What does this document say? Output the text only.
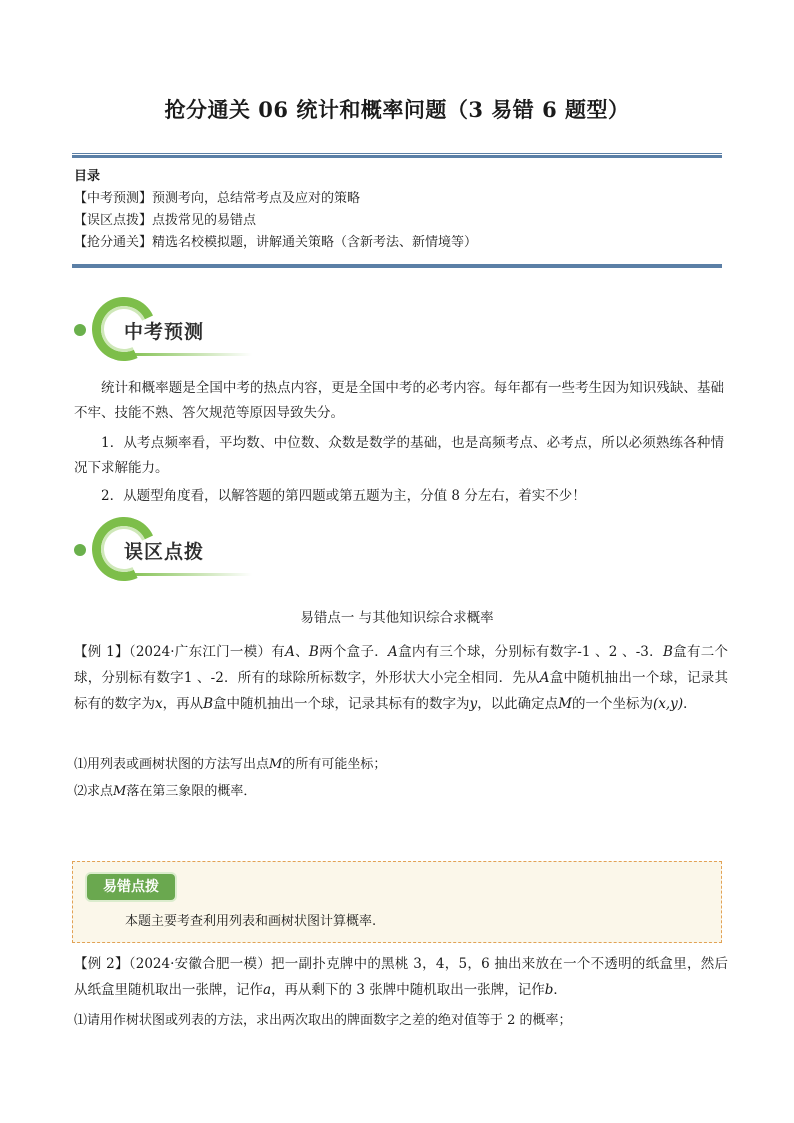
抢分通关 06 统计和概率问题（3 易错 6 题型）
目录
【中考预测】预测考向，总结常考点及应对的策略
【误区点拨】点拨常见的易错点
【抢分通关】精选名校模拟题，讲解通关策略（含新考法、新情境等）
中考预测
统计和概率题是全国中考的热点内容，更是全国中考的必考内容。每年都有一些考生因为知识残缺、基础不牢、技能不熟、答欠规范等原因导致失分。
1．从考点频率看，平均数、中位数、众数是数学的基础，也是高频考点、必考点，所以必须熟练各种情况下求解能力。
2．从题型角度看，以解答题的第四题或第五题为主，分值 8 分左右，着实不少！
误区点拨
易错点一 与其他知识综合求概率
【例 1】（2024·广东江门一模）有A、B两个盒子．A盒内有三个球，分别标有数字-1 、2 、-3．B盒有二个球，分别标有数字1 、-2．所有的球除所标数字，外形状大小完全相同．先从A盒中随机抽出一个球，记录其标有的数字为x，再从B盒中随机抽出一个球，记录其标有的数字为y，以此确定点M的一个坐标为(x,y)．
⑴用列表或画树状图的方法写出点M的所有可能坐标；
⑵求点M落在第三象限的概率．
易错点拨
本题主要考查利用列表和画树状图计算概率.
【例 2】（2024·安徽合肥一模）把一副扑克牌中的黑桃 3，4，5，6 抽出来放在一个不透明的纸盒里，然后从纸盒里随机取出一张牌，记作a，再从剩下的 3 张牌中随机取出一张牌，记作b．
⑴请用作树状图或列表的方法，求出两次取出的牌面数字之差的绝对值等于 2 的概率；
